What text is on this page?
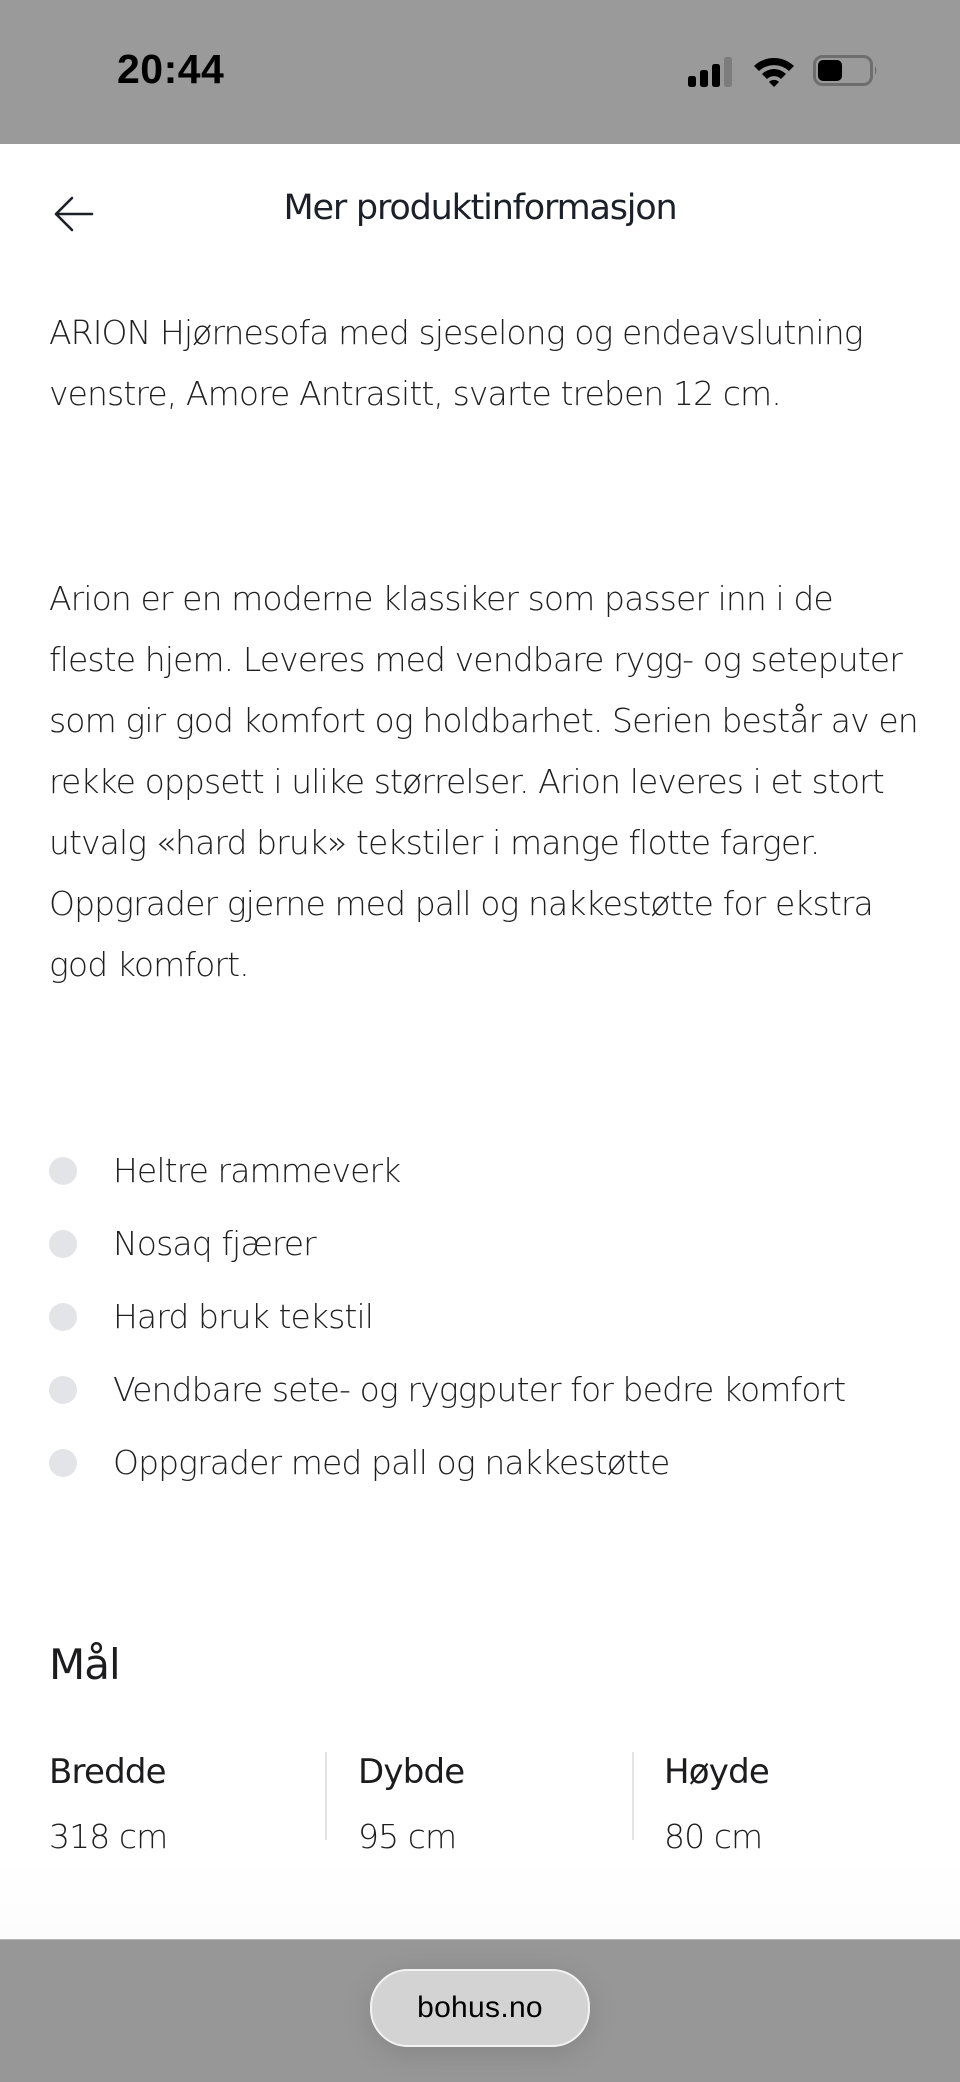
20:44
Mer produktinformasjon

ARION Hjørnesofa med sjeselong og endeavslutning venstre, Amore Antrasitt, svarte treben 12 cm.

Arion er en moderne klassiker som passer inn i de fleste hjem. Leveres med vendbare rygg- og seteputer som gir god komfort og holdbarhet. Serien består av en rekke oppsett i ulike størrelser. Arion leveres i et stort utvalg «hard bruk» tekstiler i mange flotte farger. Oppgrader gjerne med pall og nakkestøtte for ekstra god komfort.

Heltre rammeverk
Nosaq fjærer
Hard bruk tekstil
Vendbare sete- og ryggputer for bedre komfort
Oppgrader med pall og nakkestøtte
Mål
Bredde
318 cm
Dybde
95 cm
Høyde
80 cm
bohus.no
